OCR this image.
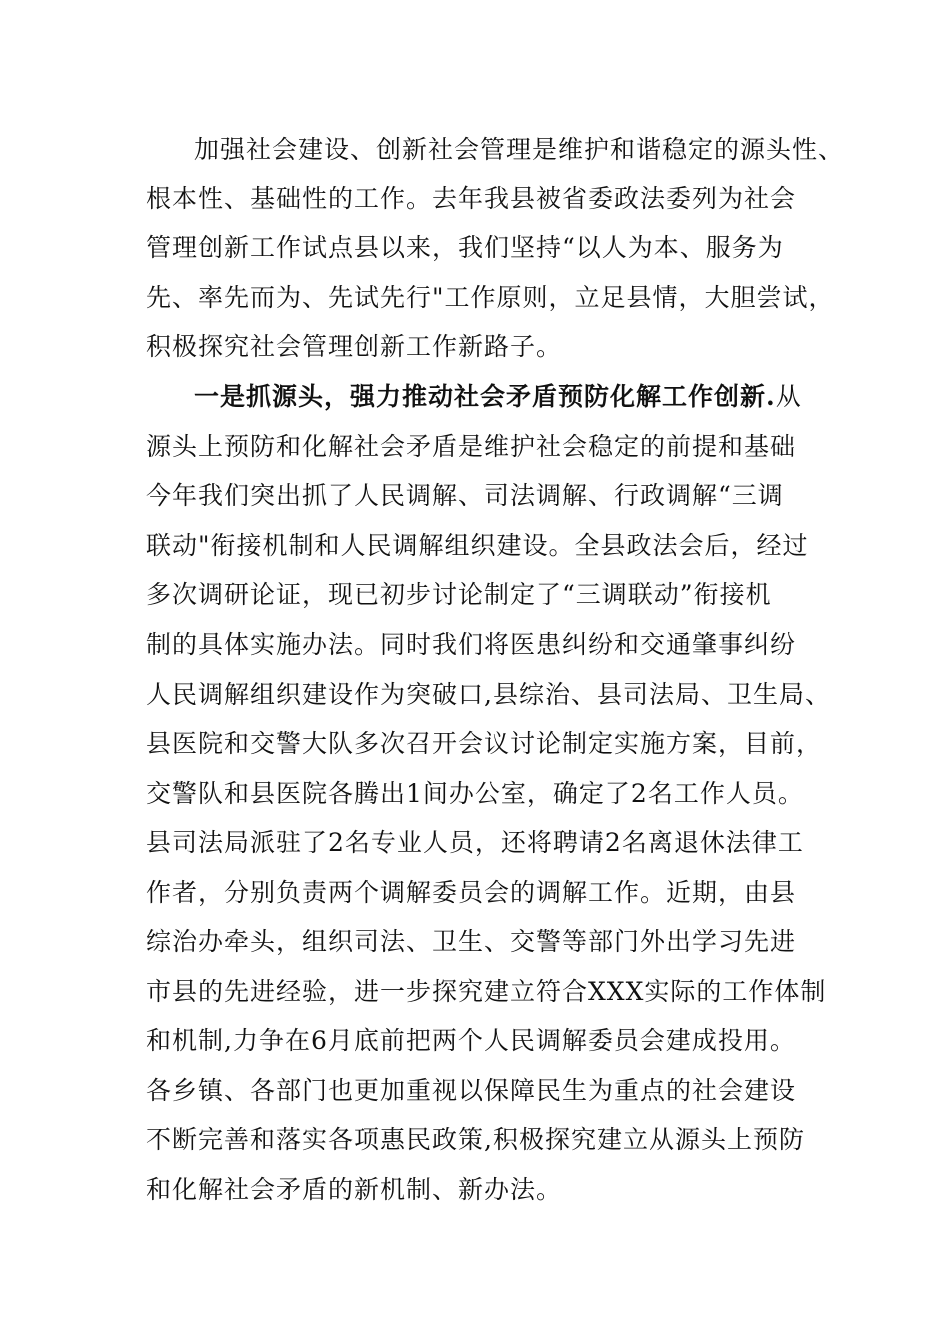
加强社会建设、创新社会管理是维护和谐稳定的源头性、
根本性、基础性的工作。去年我县被省委政法委列为社会
管理创新工作试点县以来，我们坚持“以人为本、服务为
先、率先而为、先试先行"工作原则，立足县情，大胆尝试，
积极探究社会管理创新工作新路子。
一是抓源头，强力推动社会矛盾预防化解工作创新.从
源头上预防和化解社会矛盾是维护社会稳定的前提和基础
今年我们突出抓了人民调解、司法调解、行政调解“三调
联动"衔接机制和人民调解组织建设。全县政法会后，经过
多次调研论证，现已初步讨论制定了“三调联动”衔接机
制的具体实施办法。同时我们将医患纠纷和交通肇事纠纷
人民调解组织建设作为突破口,县综治、县司法局、卫生局、
县医院和交警大队多次召开会议讨论制定实施方案，目前，
交警队和县医院各腾出1间办公室，确定了2名工作人员。
县司法局派驻了2名专业人员，还将聘请2名离退休法律工
作者，分别负责两个调解委员会的调解工作。近期，由县
综治办牵头，组织司法、卫生、交警等部门外出学习先进
市县的先进经验，进一步探究建立符合XXX实际的工作体制
和机制,力争在6月底前把两个人民调解委员会建成投用。
各乡镇、各部门也更加重视以保障民生为重点的社会建设
不断完善和落实各项惠民政策,积极探究建立从源头上预防
和化解社会矛盾的新机制、新办法。
